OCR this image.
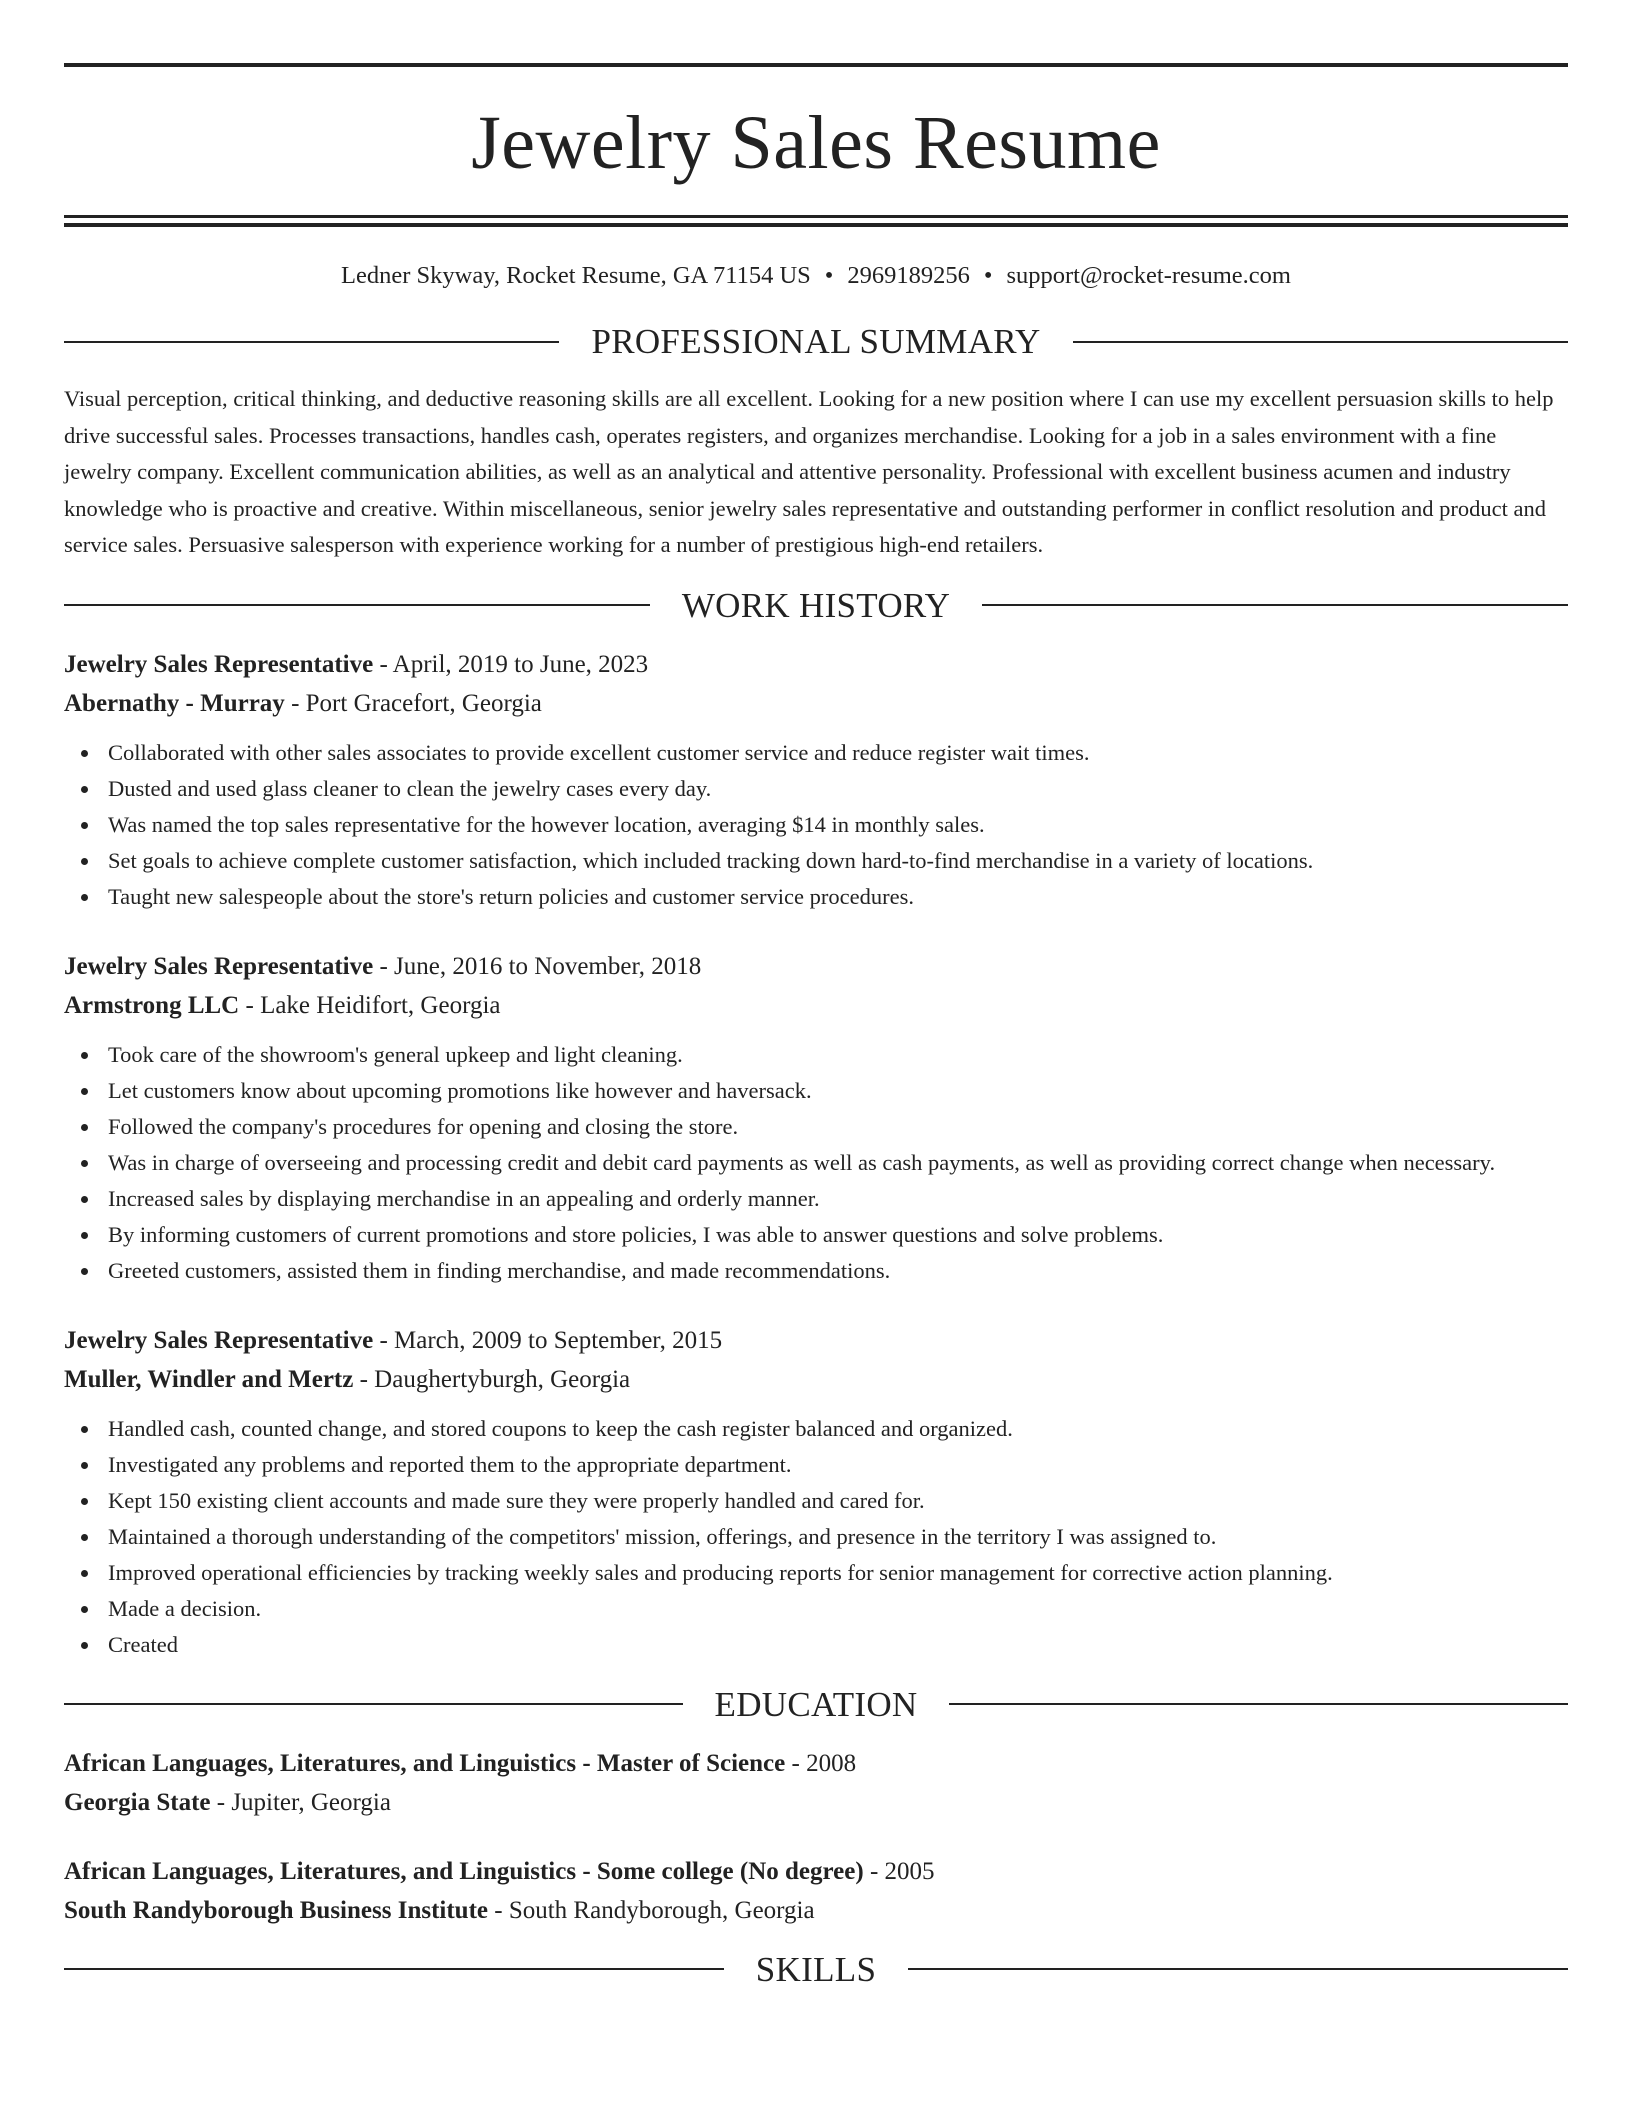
Jewelry Sales Resume
Ledner Skyway, Rocket Resume, GA 71154 US • 2969189256 • support@rocket-resume.com
PROFESSIONAL SUMMARY

Visual perception, critical thinking, and deductive reasoning skills are all excellent. Looking for a new position where I can use my excellent persuasion skills to help drive successful sales. Processes transactions, handles cash, operates registers, and organizes merchandise. Looking for a job in a sales environment with a fine jewelry company. Excellent communication abilities, as well as an analytical and attentive personality. Professional with excellent business acumen and industry knowledge who is proactive and creative. Within miscellaneous, senior jewelry sales representative and outstanding performer in conflict resolution and product and service sales. Persuasive salesperson with experience working for a number of prestigious high-end retailers.

WORK HISTORY
Jewelry Sales Representative - April, 2019 to June, 2023
Abernathy - Murray - Port Gracefort, Georgia
Collaborated with other sales associates to provide excellent customer service and reduce register wait times.
Dusted and used glass cleaner to clean the jewelry cases every day.
Was named the top sales representative for the however location, averaging $14 in monthly sales.
Set goals to achieve complete customer satisfaction, which included tracking down hard-to-find merchandise in a variety of locations.
Taught new salespeople about the store's return policies and customer service procedures.
Jewelry Sales Representative - June, 2016 to November, 2018
Armstrong LLC - Lake Heidifort, Georgia
Took care of the showroom's general upkeep and light cleaning.
Let customers know about upcoming promotions like however and haversack.
Followed the company's procedures for opening and closing the store.
Was in charge of overseeing and processing credit and debit card payments as well as cash payments, as well as providing correct change when necessary.
Increased sales by displaying merchandise in an appealing and orderly manner.
By informing customers of current promotions and store policies, I was able to answer questions and solve problems.
Greeted customers, assisted them in finding merchandise, and made recommendations.
Jewelry Sales Representative - March, 2009 to September, 2015
Muller, Windler and Mertz - Daughertyburgh, Georgia
Handled cash, counted change, and stored coupons to keep the cash register balanced and organized.
Investigated any problems and reported them to the appropriate department.
Kept 150 existing client accounts and made sure they were properly handled and cared for.
Maintained a thorough understanding of the competitors' mission, offerings, and presence in the territory I was assigned to.
Improved operational efficiencies by tracking weekly sales and producing reports for senior management for corrective action planning.
Made a decision.
Created
EDUCATION
African Languages, Literatures, and Linguistics - Master of Science - 2008
Georgia State - Jupiter, Georgia
African Languages, Literatures, and Linguistics - Some college (No degree) - 2005
South Randyborough Business Institute - South Randyborough, Georgia
SKILLS
